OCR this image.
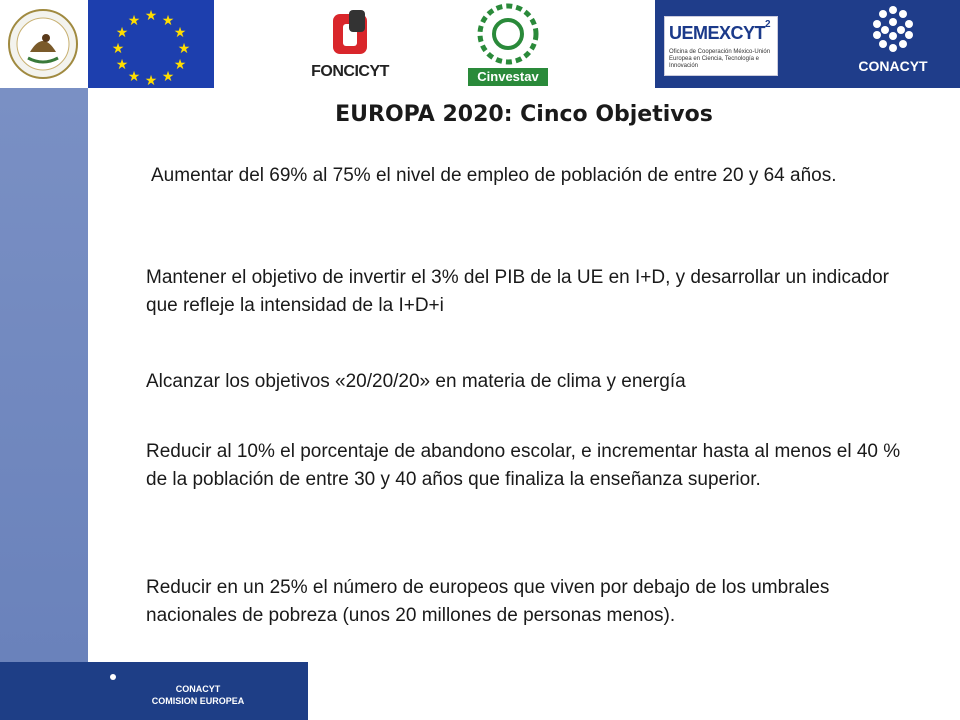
★ ★
★
★
★
★
★
★
★
★
★
★
FONCICYT	Cinvestav
UEMEXCYT 2
Oficina de Cooperación México-Unión Europea en Ciencia, Tecnología e Innovación	CONACYT
EUROPA 2020: Cinco Objetivos

Aumentar del 69% al 75% el nivel de empleo de población de entre 20 y 64 años.

Mantener el objetivo de invertir el 3% del PIB de la UE en I+D, y desarrollar un indicador que refleje la intensidad de la I+D+i

Alcanzar los objetivos «20/20/20» en materia de clima y energía

Reducir al 10% el porcentaje de abandono escolar, e incrementar hasta al menos el 40 % de la población de entre 30 y 40 años que finaliza la enseñanza superior.

Reducir en un 25% el número de europeos que viven por debajo de los umbrales nacionales de pobreza (unos 20 millones de personas menos).

CONACYT
COMISION EUROPEA
